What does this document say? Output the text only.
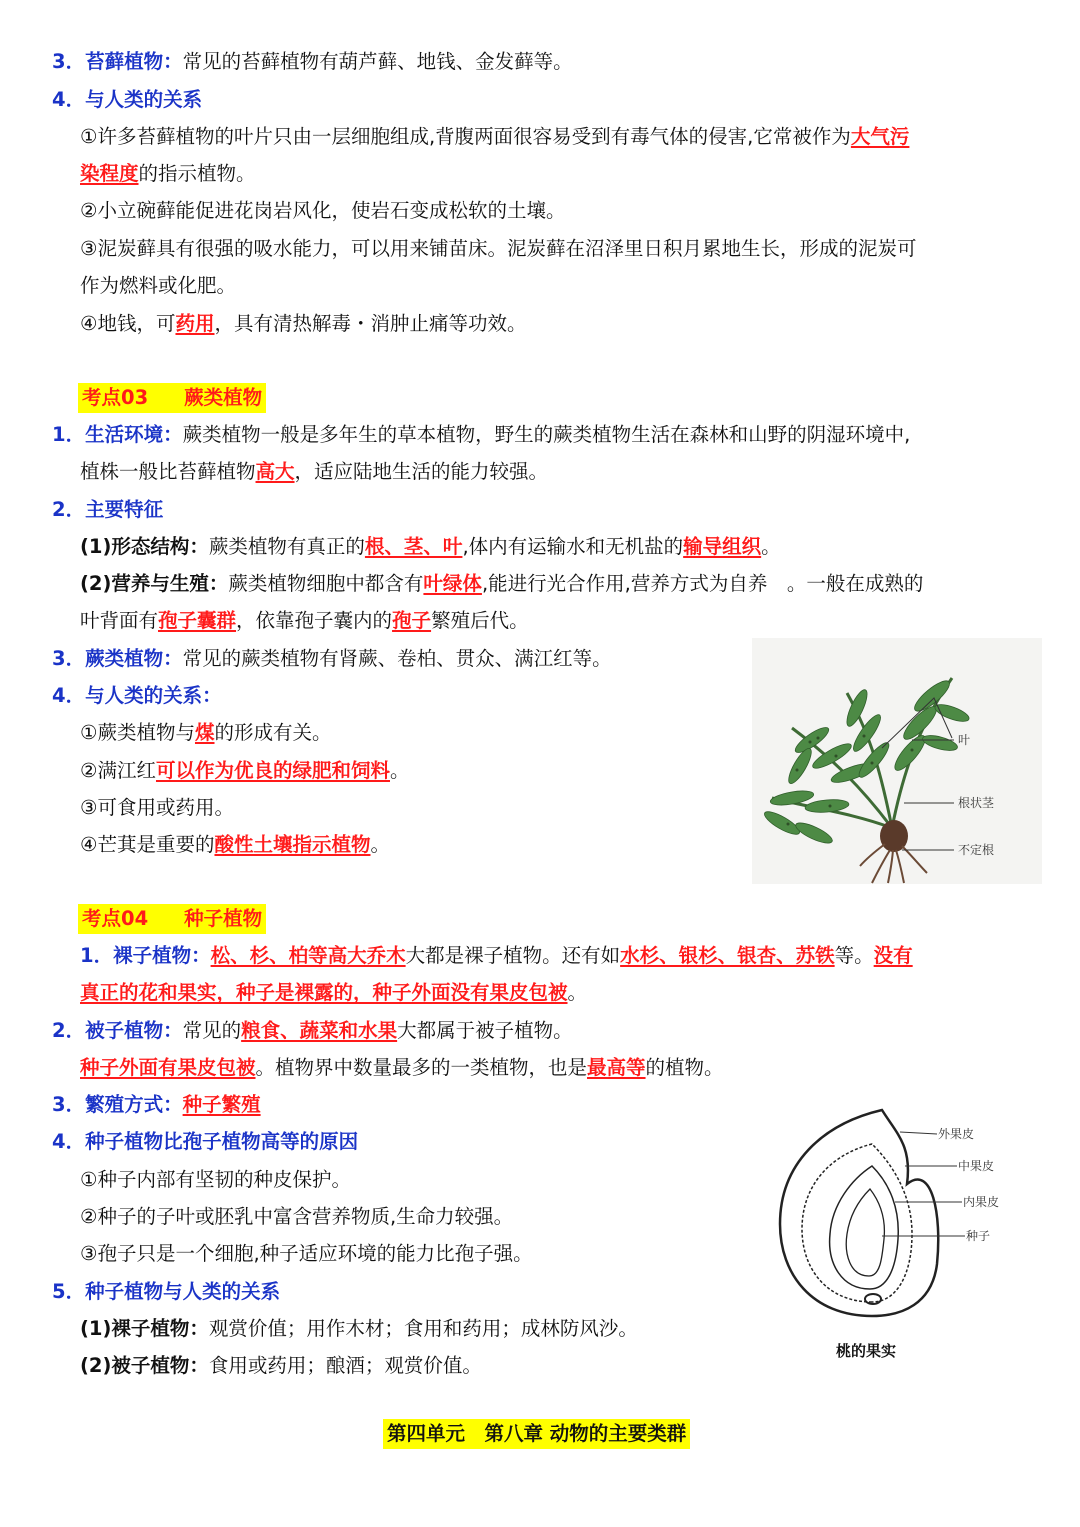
3．苔藓植物：常见的苔藓植物有葫芦藓、地钱、金发藓等。
4．与人类的关系
①许多苔藓植物的叶片只由一层细胞组成,背腹两面很容易受到有毒气体的侵害,它常被作为大气污
染程度的指示植物。
②小立碗藓能促进花岗岩风化，使岩石变成松软的土壤。
③泥炭藓具有很强的吸水能力，可以用来铺苗床。泥炭藓在沼泽里日积月累地生长，形成的泥炭可
作为燃料或化肥。
④地钱，可药用，具有清热解毒・消肿止痛等功效。
考点03 蕨类植物
1．生活环境：蕨类植物一般是多年生的草本植物，野生的蕨类植物生活在森林和山野的阴湿环境中,
植株一般比苔藓植物高大，适应陆地生活的能力较强。
2．主要特征
(1)形态结构：蕨类植物有真正的根、茎、叶,体内有运输水和无机盐的输导组织。
(2)营养与生殖：蕨类植物细胞中都含有叶绿体,能进行光合作用,营养方式为自养　。一般在成熟的
叶背面有孢子囊群，依靠孢子囊内的孢子繁殖后代。
3．蕨类植物：常见的蕨类植物有肾蕨、卷柏、贯众、满江红等。
4．与人类的关系：
①蕨类植物与煤的形成有关。
②满江红可以作为优良的绿肥和饲料。
③可食用或药用。
④芒萁是重要的酸性土壤指示植物。
叶
根状茎
不定根
考点04 种子植物
1．裸子植物：松、杉、柏等高大乔木大都是裸子植物。还有如水杉、银杉、银杏、苏铁等。没有
真正的花和果实，种子是裸露的，种子外面没有果皮包被。
2．被子植物：常见的粮食、蔬菜和水果大都属于被子植物。
种子外面有果皮包被。植物界中数量最多的一类植物，也是最高等的植物。
3．繁殖方式：种子繁殖
4．种子植物比孢子植物高等的原因
①种子内部有坚韧的种皮保护。
②种子的子叶或胚乳中富含营养物质,生命力较强。
③孢子只是一个细胞,种子适应环境的能力比孢子强。
5．种子植物与人类的关系
(1)裸子植物：观赏价值；用作木材；食用和药用；成林防风沙。
(2)被子植物：食用或药用；酿酒；观赏价值。
外果皮
中果皮
内果皮
种子
桃的果实
第四单元　第八章 动物的主要类群
